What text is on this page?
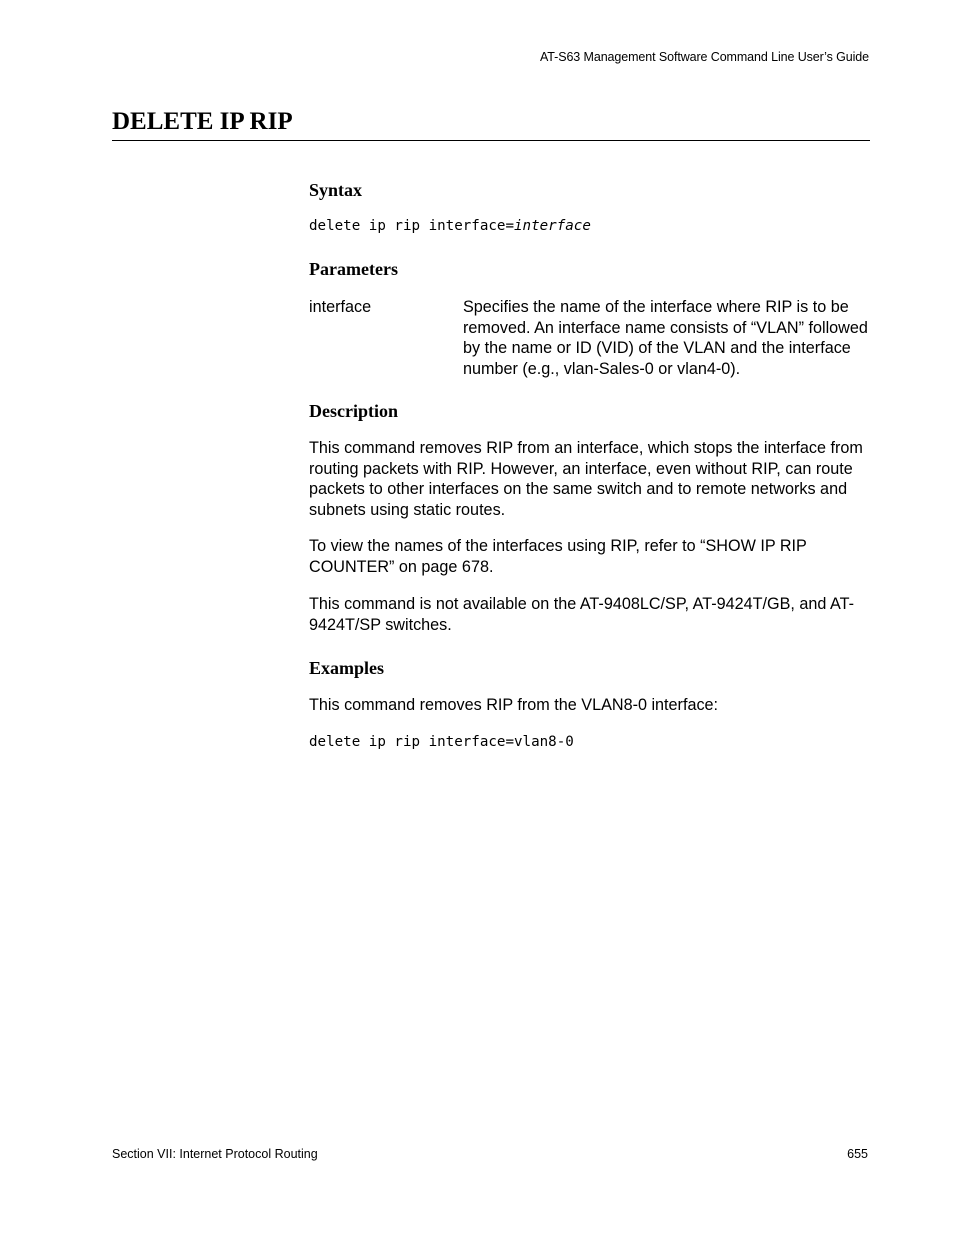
AT-S63 Management Software Command Line User’s Guide
DELETE IP RIP
Syntax

delete ip rip interface=interface

Parameters

interface	Specifies the name of the interface where RIP is to be removed. An interface name consists of “VLAN” followed by the name or ID (VID) of the VLAN and the interface number (e.g., vlan-Sales-0 or vlan4-0).

Description

This command removes RIP from an interface, which stops the interface from routing packets with RIP. However, an interface, even without RIP, can route packets to other interfaces on the same switch and to remote networks and subnets using static routes.

To view the names of the interfaces using RIP, refer to “SHOW IP RIP COUNTER” on page 678.

This command is not available on the AT-9408LC/SP, AT-9424T/GB, and AT-9424T/SP switches.

Examples

This command removes RIP from the VLAN8-0 interface:

delete ip rip interface=vlan8-0

Section VII: Internet Protocol Routing	655
